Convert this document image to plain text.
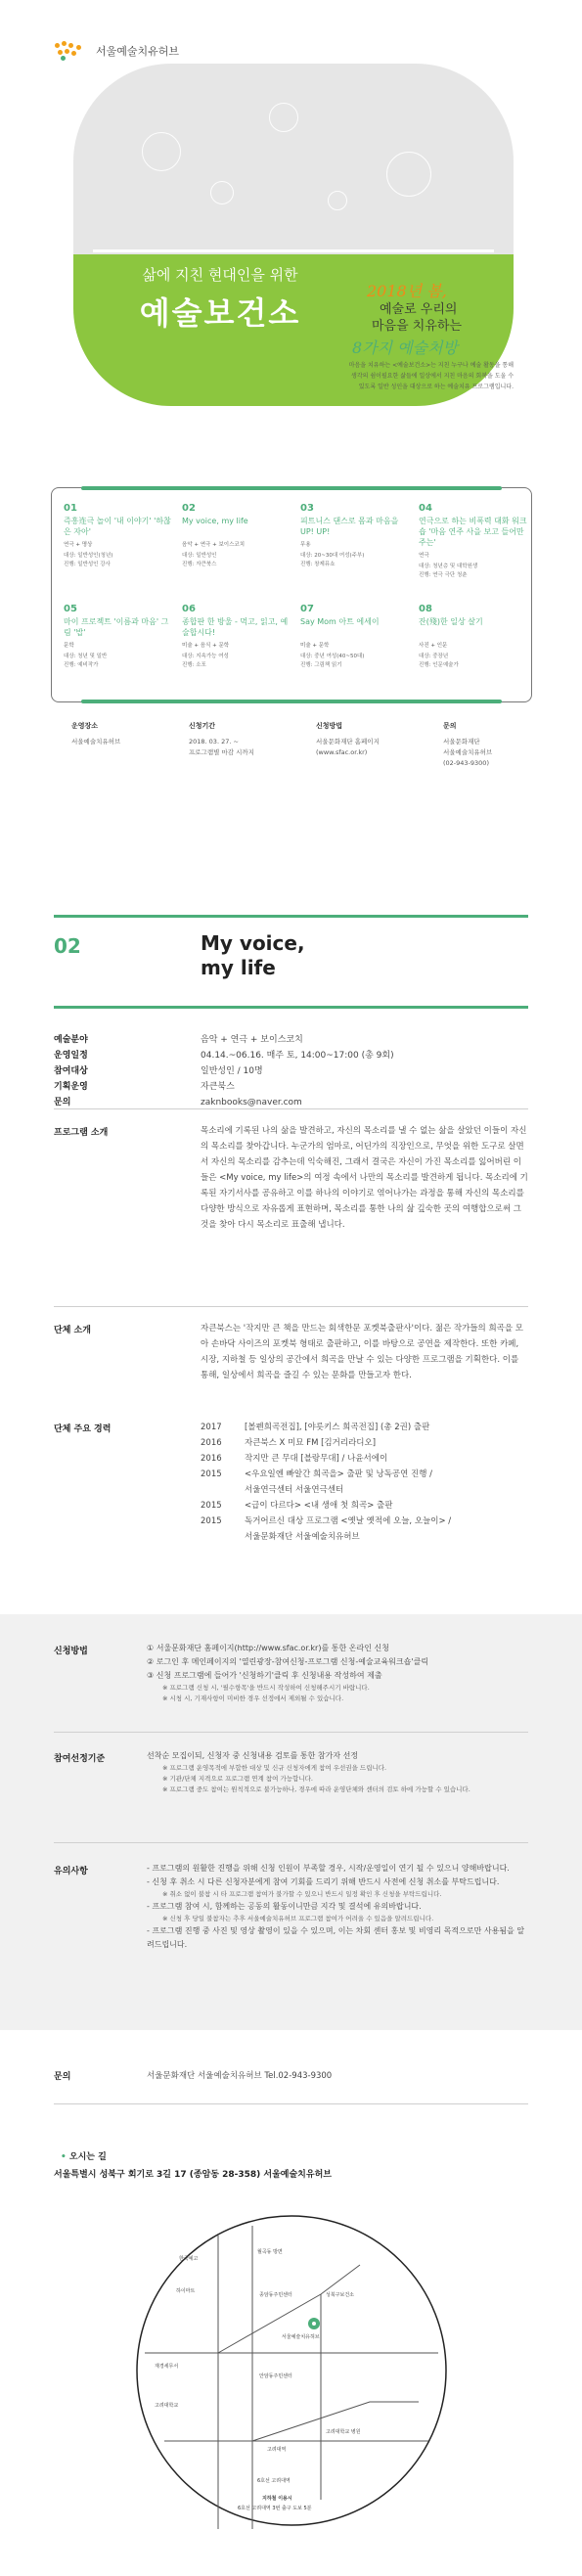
서울예술치유허브
삶에 지친 현대인을 위한
예술보건소
2018년 봄,
예술로 우리의
마음을 치유하는
8가지 예술처방
마음을 치유하는 <예술보건소>는 지친 누구나 예술 활동을 통해 생각의 쉼이필요한 삶들에 일상에서 지친 마음의 회복을 도울 수 있도록 일반 성인을 대상으로 하는 예술치유 프로그램입니다.
01
즉흥连극 놀이 '내 이야기' '하찮은 자아'
연극 + 명상
대상: 일반성인(청년)
진행: 일반성인 강사
02
My voice, my life
음악 + 연극 + 보이스코치
대상: 일반성인
진행: 자큰북스
03
피트니스 댄스로 몸과 마음을 UP! UP!
무용
대상: 20~30대 여성(주부)
진행: 창제뮤쇼
04
연극으로 하는 비폭력 대화 워크숍 '마음 연주 사을 보고 들어만 주는'
연극
대상: 청년층 및 대학원생
진행: 연극 극단 청춘
05
마이 프로젝트 '이름과 마음' 그림 '밥'
문학
대상: 청년 및 일반
진행: 예비작가
06
종합판 한 방울 - 먹고, 읽고, 예술합시다!
미술 + 음식 + 문학
대상: 지속가능 여성
진행: 소포
07
Say Mom 아트 에세이
미술 + 문학
대상: 중년 여성(40~50대)
진행: 그림책 읽기
08
잔(殘)한 일상 살기
사진 + 인문
대상: 중장년
진행: 인문예술가
운영장소
서울예술치유허브
신청기간
2018. 03. 27. ~
프로그램별 마감 시까지
신청방법
서울문화재단 홈페이지
(www.sfac.or.kr)
문의
서울문화재단
서울예술치유허브
(02-943-9300)
02	My voice,
my life
예술분야	음악 + 연극 + 보이스코치
운영일정	04.14.~06.16. 매주 토, 14:00~17:00 (총 9회)
참여대상	일반성인 / 10명
기획운영	자큰북스
문의	zaknbooks@naver.com
프로그램 소개	목소리에 기록된 나의 삶을 발견하고, 자신의 목소리를 낼 수 없는 삶을 살았던 이들이 자신의 목소리를 찾아갑니다. 누군가의 엄마로, 어딘가의 직장인으로, 무엇을 위한 도구로 살면서 자신의 목소리를 감추는데 익숙해진, 그래서 결국은 자신이 가진 목소리를 잃어버린 이들은 <My voice, my life>의 여정 속에서 나만의 목소리를 발견하게 됩니다. 목소리에 기록된 자기서사를 공유하고 이를 하나의 이야기로 엮어나가는 과정을 통해 자신의 목소리를 다양한 방식으로 자유롭게 표현하며, 목소리를 통한 나의 삶 깊숙한 곳의 여행합으로써 그것을 찾아 다시 목소리로 표출해 냅니다.
단체 소개	자큰북스는 '작지만 큰 책을 만드는 회색한문 포켓북출판사'이다. 젊은 작가들의 희곡을 모아 손바닥 사이즈의 포켓북 형태로 출판하고, 이를 바탕으로 공연을 제작한다. 또한 카페, 시장, 지하철 등 일상의 공간에서 희곡을 만날 수 있는 다양한 프로그램을 기획한다. 이를 통해, 일상에서 희곡을 즐길 수 있는 문화를 만들고자 한다.
단체 주요 경력	2017	[볼펜희곡전집], [야릇키스 희곡전집] (총 2권) 출판
2016	자큰북스 X 미묘 FM [김거리라디오]
2016	작지만 큰 무대 [블랑무대] / 나윤서에이
2015	<우요일엔 빠알간 희곡을> 출판 및 낭독공연 진행 /
서울연극센터 서울연극센터
2015	<급이 다르다> <내 생애 첫 희곡> 출판
2015	독거어르신 대상 프로그램 <옛날 옛적에 오늘, 오늘이> /
서울문화재단 서울예술치유허브
신청방법	① 서울문화재단 홈페이지(http://www.sfac.or.kr)를 통한 온라인 신청
② 로그인 후 메인페이지의 '열린광장-참여신청-프로그램 신청-예술교육워크숍'클릭
③ 신청 프로그램에 들어가 '신청하기'클릭 후 신청내용 작성하여 제출
※ 프로그램 신청 시, '필수항목'을 반드시 작성하여 신청해주시기 바랍니다.
※ 시청 시, 기재사항이 미비한 경우 선정에서 제외될 수 있습니다.
참여선정기준	선착순 모집이되, 신청자 중 신청내용 검토를 통한 참가자 선정
※ 프로그램 운영목적에 부합한 대상 및 신규 신청자에게 참여 우선권을 드립니다.
※ 기관/단체 지격으로 프로그램 연계 참여 가능합니다.
※ 프로그램 중도 참여는 원칙적으로 불가능하나, 경우에 따라 운영단체와 센터의 검토 하에 가능할 수 있습니다.
유의사항	- 프로그램의 원활한 진행을 위해 신청 인원이 부족할 경우, 시작/운영일이 연기 될 수 있으니 양해바랍니다.
- 신청 후 취소 시 다른 신청자분에게 참여 기회를 드리기 위해 반드시 사전에 신청 취소를 부탁드립니다.
※ 취소 없이 불참 시 타 프로그램 참여가 불가할 수 있으니 반드시 일정 확인 후 신청을 부탁드립니다.
- 프로그램 참여 시, 함께하는 공동의 활동이니만큼 지각 및 결석에 유의바랍니다.
※ 신청 후 당일 불참자는 추후 서울예술치유허브 프로그램 참여가 어려울 수 있음을 알려드립니다.
- 프로그램 진행 중 사진 및 영상 촬영이 있을 수 있으며, 이는 차회 센터 홍보 및 비영리 목적으로만 사용됨을 알려드립니다.
문의	서울문화재단 서울예술치유허브 Tel.02-943-9300
• 오시는 길
서울특별시 성북구 회기로 3길 17 (종암동 28-358) 서울예술치유허브
한국예고
월곡동 방면
하이마트
종암동주민센터	성북구보건소
고려대학교 병원
서울예술치유허브
재경세무서
고려대학교
안암동주민센터
고려대역
6호선 고려대역
지하철 이용시
6호선 고려대역 3번 출구 도보 5분
